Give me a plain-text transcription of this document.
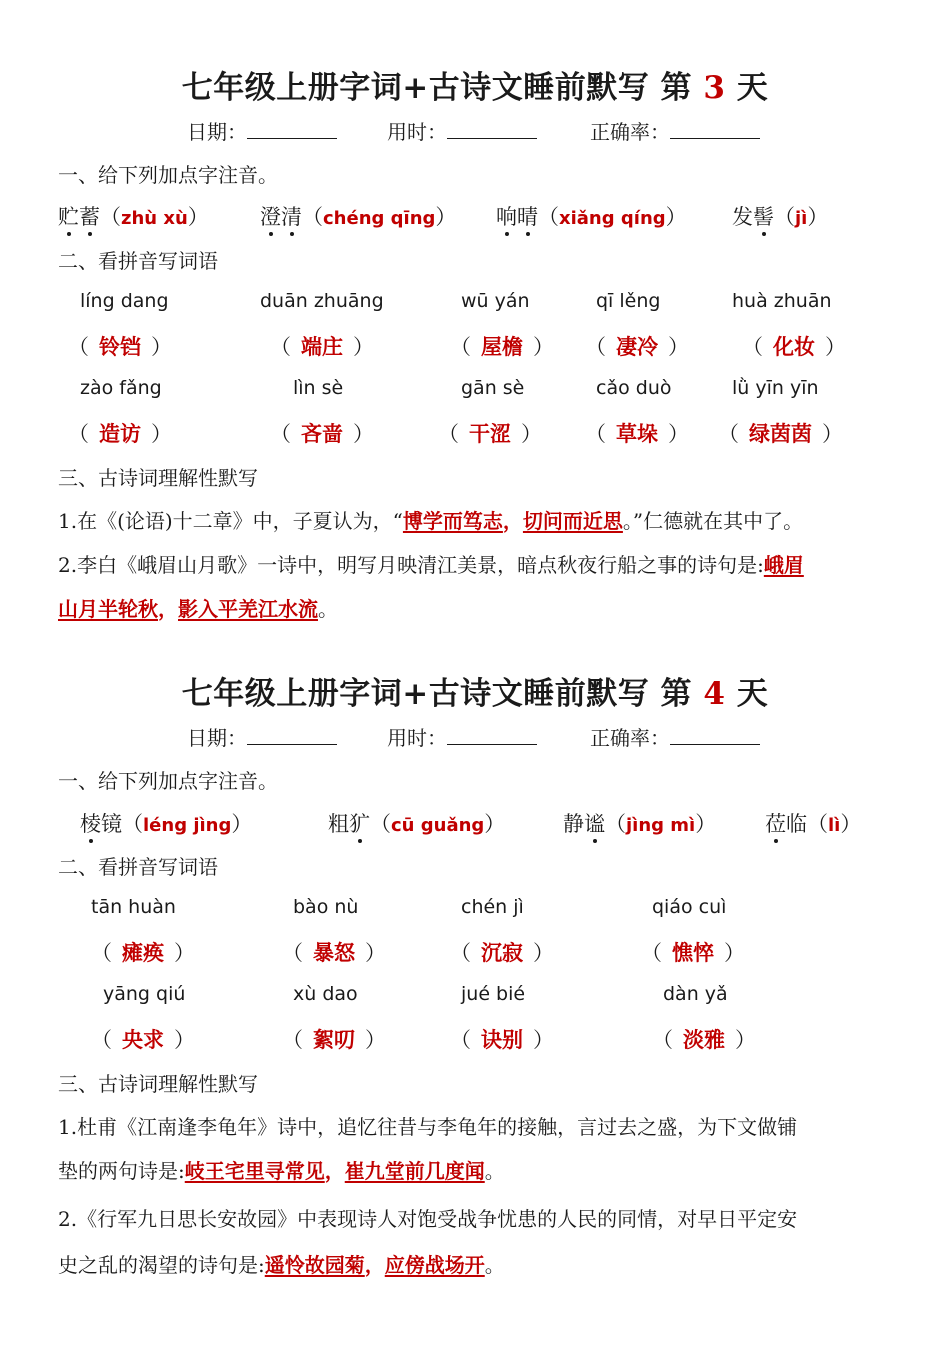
七年级上册字词+古诗文睡前默写 第 3 天
日期：	用时：	正确率：
一、给下列加点字注音。
贮蓄（zhù xù） 澄清（chéng qīng） 响晴（xiǎng qíng） 发髻（jì）
二、看拼音写词语
líng dang	duān zhuāng	wū yán	qī lěng	huà zhuān
（ 铃铛 ）	（ 端庄 ）	（ 屋檐 ） （ 凄冷 ）	（ 化妆 ）
zào fǎng	lìn sè	gān sè	cǎo duò	lǜ yīn yīn
（ 造访 ）	（ 吝啬 ）	（ 干涩 ） （ 草垛 ） （ 绿茵茵 ）
三、古诗词理解性默写
1.在《(论语)十二章》中，子夏认为，“博学而笃志，切问而近思。”仁德就在其中了。
2.李白《峨眉山月歌》一诗中，明写月映清江美景，暗点秋夜行船之事的诗句是:峨眉
山月半轮秋，影入平羌江水流。
七年级上册字词+古诗文睡前默写 第 4 天
日期：	用时：	正确率：
一、给下列加点字注音。
棱镜（léng jìng）	粗犷（cū guǎng）	静谧（jìng mì） 莅临（lì）
二、看拼音写词语
tān huàn	bào nù	chén jì	qiáo cuì
（ 瘫痪 ）	（ 暴怒 ）	（ 沉寂 ）	（ 憔悴 ）
yāng qiú	xù dao	jué bié	dàn yǎ
（ 央求 ）	（ 絮叨 ）	（ 诀别 ）	（ 淡雅 ）
三、古诗词理解性默写
1.杜甫《江南逢李龟年》诗中，追忆往昔与李龟年的接触，言过去之盛，为下文做铺
垫的两句诗是:岐王宅里寻常见，崔九堂前几度闻。
2.《行军九日思长安故园》中表现诗人对饱受战争忧患的人民的同情，对早日平定安
史之乱的渴望的诗句是:遥怜故园菊，应傍战场开。
